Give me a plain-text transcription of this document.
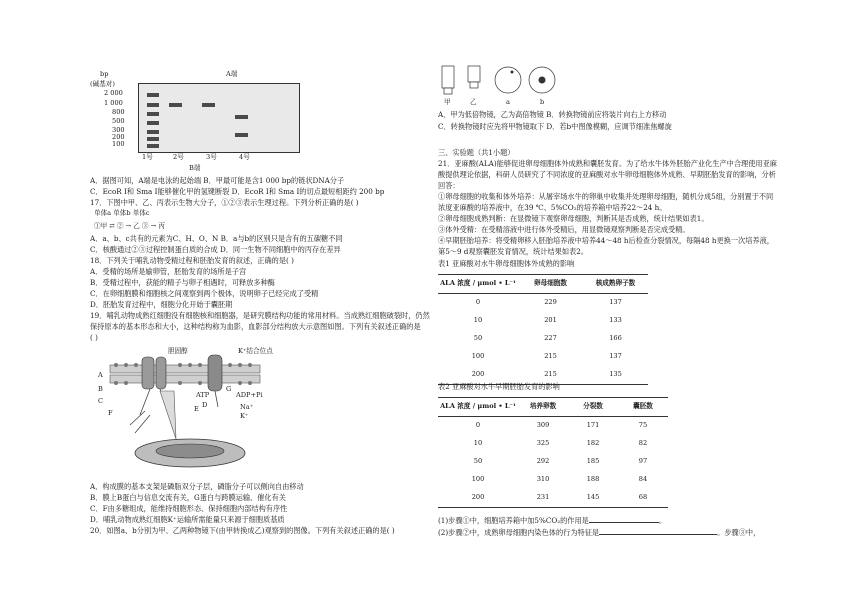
bp
(碱基对)
A端
2 000
1 000
800
500
300
200
100
1号	2号	3号	4号
B端
A．据图可知，A端是电泳的起始端 B．甲最可能是含1 000 bp的链状DNA分子
C．EcoR Ⅰ和 Sma Ⅰ能够催化甲的氢键断裂 D．EcoR Ⅰ和 Sma Ⅰ的切点最短相距约 200 bp
17．下图中甲、乙、丙表示生物大分子，①②③表示生理过程。下列分析正确的是( )
单体a 单体b 单体c
①甲 ⇄ ② → 乙 ③ → 丙
A．a、b、c共有的元素为C、H、O、N B．a与b的区别只是含有的五碳糖不同
C．核酸通过②③过程控制蛋白质的合成 D．同一生物不同细胞中的丙存在差异
18．下列关于哺乳动物受精过程和胚胎发育的叙述，正确的是( )
A．受精的场所是输卵管，胚胎发育的场所是子宫
B．受精过程中，获能的精子与卵子相遇时，可释放多种酶
C．在卵细胞膜和细胞核之间观察到两个极体，说明卵子已经完成了受精
D．胚胎发育过程中，细胞分化开始于囊胚期
19．哺乳动物成熟红细胞没有细胞核和细胞器，是研究膜结构功能的常用材料。当成熟红细胞破裂时，仍然
保持原本的基本形态和大小，这种结构称为血影，血影部分结构放大示意图如图。下列有关叙述正确的是
( )
胆固醇	K⁺结合位点
Na⁺
K⁺
ATP	ADP+Pi
A
B
C	D
E
F
G
A．构成膜的基本支架是磷脂双分子层，磷脂分子可以侧向自由移动
B．膜上B蛋白与信息交流有关，G蛋白与跨膜运输、催化有关
C．F由多糖组成，能维持细胞形态、保持细胞内部结构有序性
D．哺乳动物成熟红细胞K⁺运输所需能量只来源于细胞质基质
20．如图a、b分别为甲、乙两种物镜下(由甲转换成乙)观察到的图像。下列有关叙述正确的是( )
甲	乙	a	b
A．甲为低倍物镜，乙为高倍物镜 B．转换物镜前应将装片向右上方移动
C．转换物镜时应先将甲物镜取下 D．若b中图像模糊，应调节细准焦螺旋
三、实验题（共1小题）
21．亚麻酸(ALA)能够促进卵母细胞体外成熟和囊胚发育。为了给水牛体外胚胎产业化生产中合理使用亚麻
酸提供理论依据，科研人员研究了不同浓度的亚麻酸对水牛卵母细胞体外成熟、早期胚胎发育的影响，分析
回答：
①卵母细胞的收集和体外培养：从屠宰场水牛的卵巢中收集并处理卵母细胞，随机分成5组，分别置于不同
浓度亚麻酸的培养液中，在39 ℃、5%CO₂的培养箱中培养22～24 h。
②卵母细胞成熟判断：在显微镜下观察卵母细胞，判断其是否成熟，统计结果如表1。
③体外受精：在受精溶液中进行体外受精后，用显微镜观察判断是否完成受精。
④早期胚胎培养：将受精卵移入胚胎培养液中培养44～48 h后检查分裂情况，每隔48 h更换一次培养液，
第5～9 d观察囊胚发育情况，统计结果如表2。
表1 亚麻酸对水牛卵母细胞体外成熟的影响
ALA 浓度 / μmol • L⁻¹	卵母细胞数	核成熟卵子数
0	229	137
10	201	133
50	227	166
100	215	137
200	215	135
表2 亚麻酸对水牛早期胚胎发育的影响
ALA 浓度 / μmol • L⁻¹	培养卵数	分裂数	囊胚数
0	309	171	75
10	325	182	82
50	292	185	97
100	310	188	84
200	231	145	68
(1)步骤①中，细胞培养箱中加5%CO₂的作用是	。
(2)步骤②中，成熟卵母细胞内染色体的行为特征是	。步骤③中，
